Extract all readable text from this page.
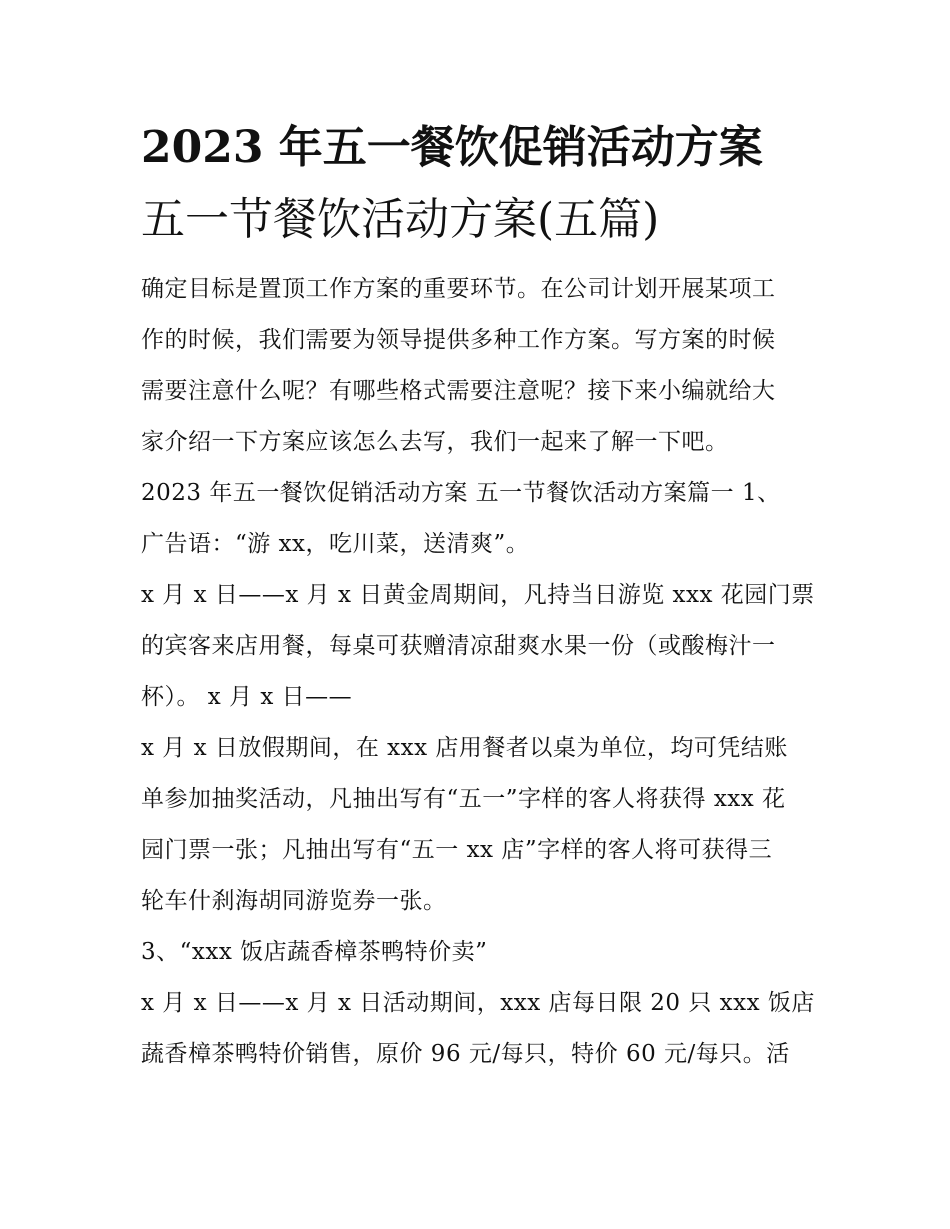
2023 年五一餐饮促销活动方案
五一节餐饮活动方案(五篇)

确定目标是置顶工作方案的重要环节。在公司计划开展某项工
作的时候，我们需要为领导提供多种工作方案。写方案的时候
需要注意什么呢？有哪些格式需要注意呢？接下来小编就给大
家介绍一下方案应该怎么去写，我们一起来了解一下吧。

2023 年五一餐饮促销活动方案 五一节餐饮活动方案篇一 1、

广告语：“游 xx，吃川菜，送清爽”。

x 月 x 日——x 月 x 日黄金周期间，凡持当日游览 xxx 花园门票
的宾客来店用餐，每桌可获赠清凉甜爽水果一份（或酸梅汁一
杯）。 x 月 x 日——

x 月 x 日放假期间，在 xxx 店用餐者以桌为单位，均可凭结账
单参加抽奖活动，凡抽出写有“五一”字样的客人将获得 xxx 花
园门票一张；凡抽出写有“五一 xx 店”字样的客人将可获得三
轮车什刹海胡同游览券一张。

3、“xxx 饭店蔬香樟茶鸭特价卖”

x 月 x 日——x 月 x 日活动期间，xxx 店每日限 20 只 xxx 饭店
蔬香樟茶鸭特价销售，原价 96 元/每只，特价 60 元/每只。活
